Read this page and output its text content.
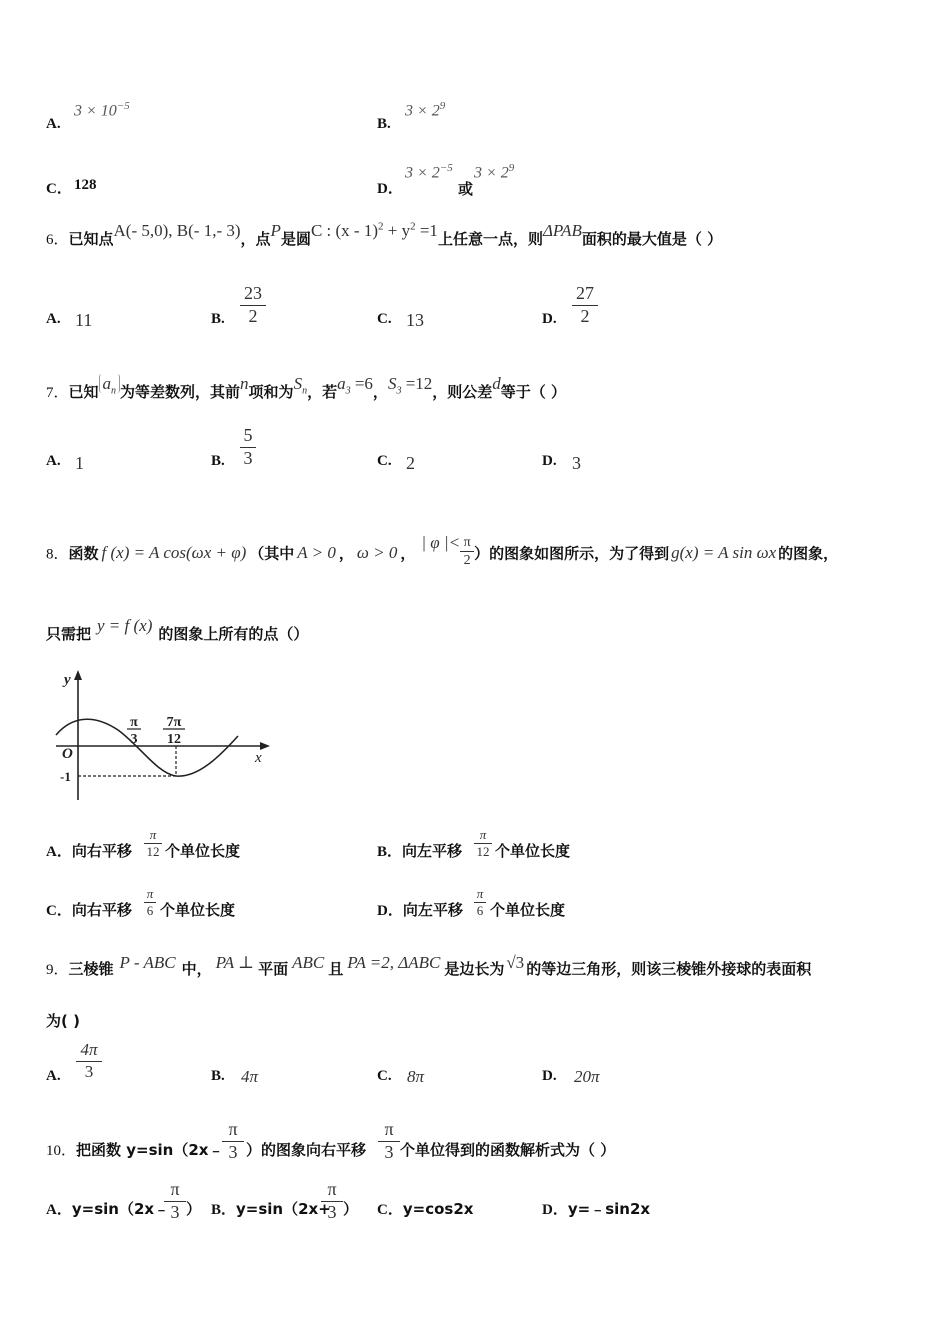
A.
$3 \times 10^{-5}$
B.
$3 \times 2^9$
C． 128	D．
$3 \times 2^{-5}$
或
$3 \times 2^9$
6．已知点A(- 5,0), B(- 1,- 3)，点P是圆C : $(x - 1)^2 + y^2 =1$上任意一点，则ΔPAB面积的最大值是（ ）
A. 11	B.
23
2	C. 13	D.
27
2
7．已知 $a_n$ 为等差数列，其前n项和为$S_n$，若$a_3 =6$，$S_3 =12$，则公差d等于（ ）
A. 1	B.
5
3	C. 2	D. 3
8．函数 f (x) = A cos(ωx + φ) （其中 A > 0 ， ω > 0 ，| φ |< $\frac{\pi}{2}$ ）的图象如图所示，为了得到 g(x) = A sin ωx 的图象，
只需把 y = f (x) 的图象上所有的点（）
y
x
O
-1
π
3
7π
12
A．向右平移
π
12 个单位长度	B．向左平移
π
12 个单位长度
C．向右平移
π
6 个单位长度	D．向左平移
π
6 个单位长度
9．三棱锥 P - ABC 中， PA ⊥ 平面 ABC 且 PA =2, ΔABC 是边长为 √3 的等边三角形，则该三棱锥外接球的表面积
为( )
A.
4π
3	B. 4π	C. 8π	D. 20π
10．把函数 y=sin（2x﹣
π
3 ）的图象向右平移
π
3 个单位得到的函数解析式为（ ）
A．y=sin（2x﹣
π
3 ） B．y=sin（2x+
π
3 ） C．y=cos2x	D．y=﹣sin2x
